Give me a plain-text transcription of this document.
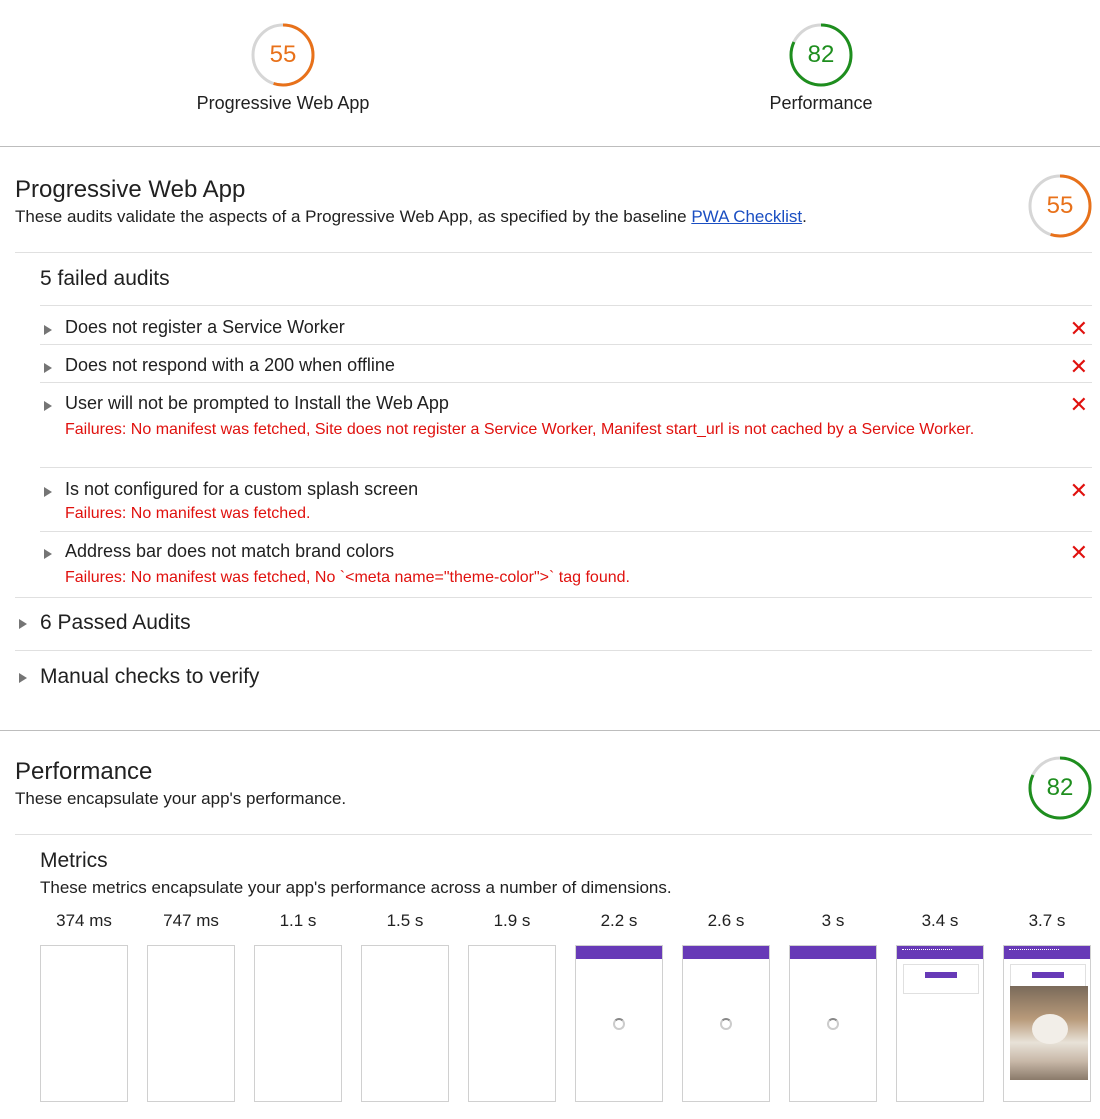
55
Progressive Web App
82
Performance
Progressive Web App
These audits validate the aspects of a Progressive Web App, as specified by the baseline PWA Checklist.	55
5 failed audits
Does not register a Service Worker	✕
Does not respond with a 200 when offline	✕
User will not be prompted to Install the Web App
Failures: No manifest was fetched, Site does not register a Service Worker, Manifest start_url is not cached by a Service Worker.
✕
Is not configured for a custom splash screen
Failures: No manifest was fetched.
✕
Address bar does not match brand colors
Failures: No manifest was fetched, No `<meta name="theme-color">` tag found.
✕
6 Passed Audits
Manual checks to verify
Performance
These encapsulate your app's performance.	82
Metrics
These metrics encapsulate your app's performance across a number of dimensions.
374 ms	747 ms	1.1 s	1.5 s	1.9 s	2.2 s	2.6 s	3 s	3.4 s	3.7 s
